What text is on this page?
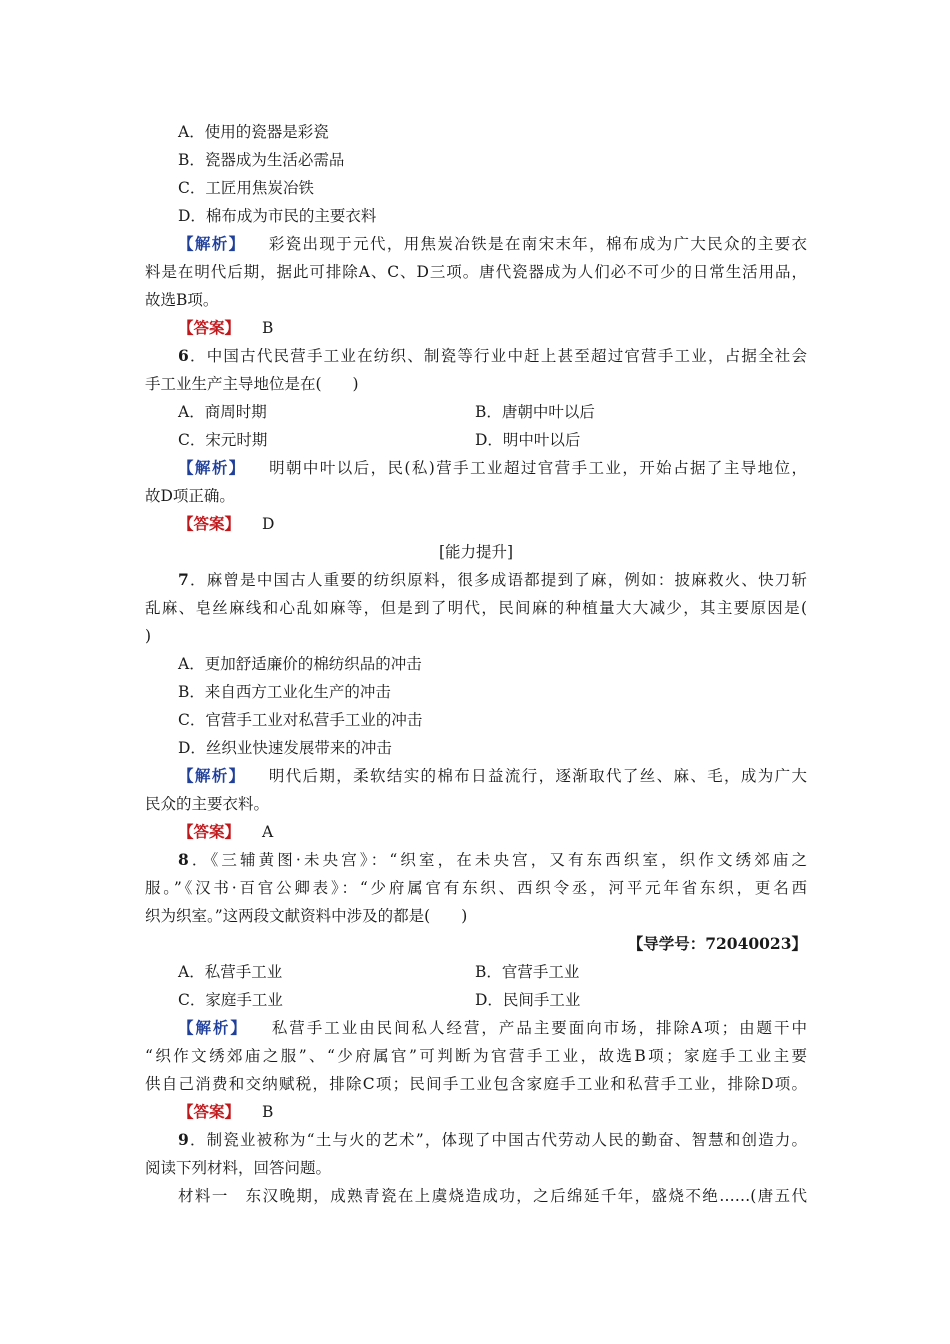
A．使用的瓷器是彩瓷
B．瓷器成为生活必需品
C．工匠用焦炭冶铁
D．棉布成为市民的主要衣料
【解析】 彩瓷出现于元代，用焦炭冶铁是在南宋末年，棉布成为广大民众的主要衣
料是在明代后期，据此可排除A、C、D三项。唐代瓷器成为人们必不可少的日常生活用品，
故选B项。
【答案】 B
6．中国古代民营手工业在纺织、制瓷等行业中赶上甚至超过官营手工业，占据全社会
手工业生产主导地位是在(　　)
A．商周时期	B．唐朝中叶以后
C．宋元时期	D．明中叶以后
【解析】 明朝中叶以后，民(私)营手工业超过官营手工业，开始占据了主导地位，
故D项正确。
【答案】 D
[能力提升]
7．麻曾是中国古人重要的纺织原料，很多成语都提到了麻，例如：披麻救火、快刀斩
乱麻、皂丝麻线和心乱如麻等，但是到了明代，民间麻的种植量大大减少，其主要原因是(
)
A．更加舒适廉价的棉纺织品的冲击
B．来自西方工业化生产的冲击
C．官营手工业对私营手工业的冲击
D．丝织业快速发展带来的冲击
【解析】 明代后期，柔软结实的棉布日益流行，逐渐取代了丝、麻、毛，成为广大
民众的主要衣料。
【答案】 A
8．《三辅黄图·未央宫》：“织室，在未央宫，又有东西织室，织作文绣郊庙之
服。”《汉书·百官公卿表》：“少府属官有东织、西织令丞，河平元年省东织，更名西
织为织室。”这两段文献资料中涉及的都是(　　)
【导学号：72040023】
A．私营手工业	B．官营手工业
C．家庭手工业	D．民间手工业
【解析】 私营手工业由民间私人经营，产品主要面向市场，排除A项；由题干中
“织作文绣郊庙之服”、“少府属官”可判断为官营手工业，故选B项；家庭手工业主要
供自己消费和交纳赋税，排除C项；民间手工业包含家庭手工业和私营手工业，排除D项。
【答案】 B
9．制瓷业被称为“土与火的艺术”，体现了中国古代劳动人民的勤奋、智慧和创造力。
阅读下列材料，回答问题。
材料一　东汉晚期，成熟青瓷在上虞烧造成功，之后绵延千年，盛烧不绝……(唐五代
